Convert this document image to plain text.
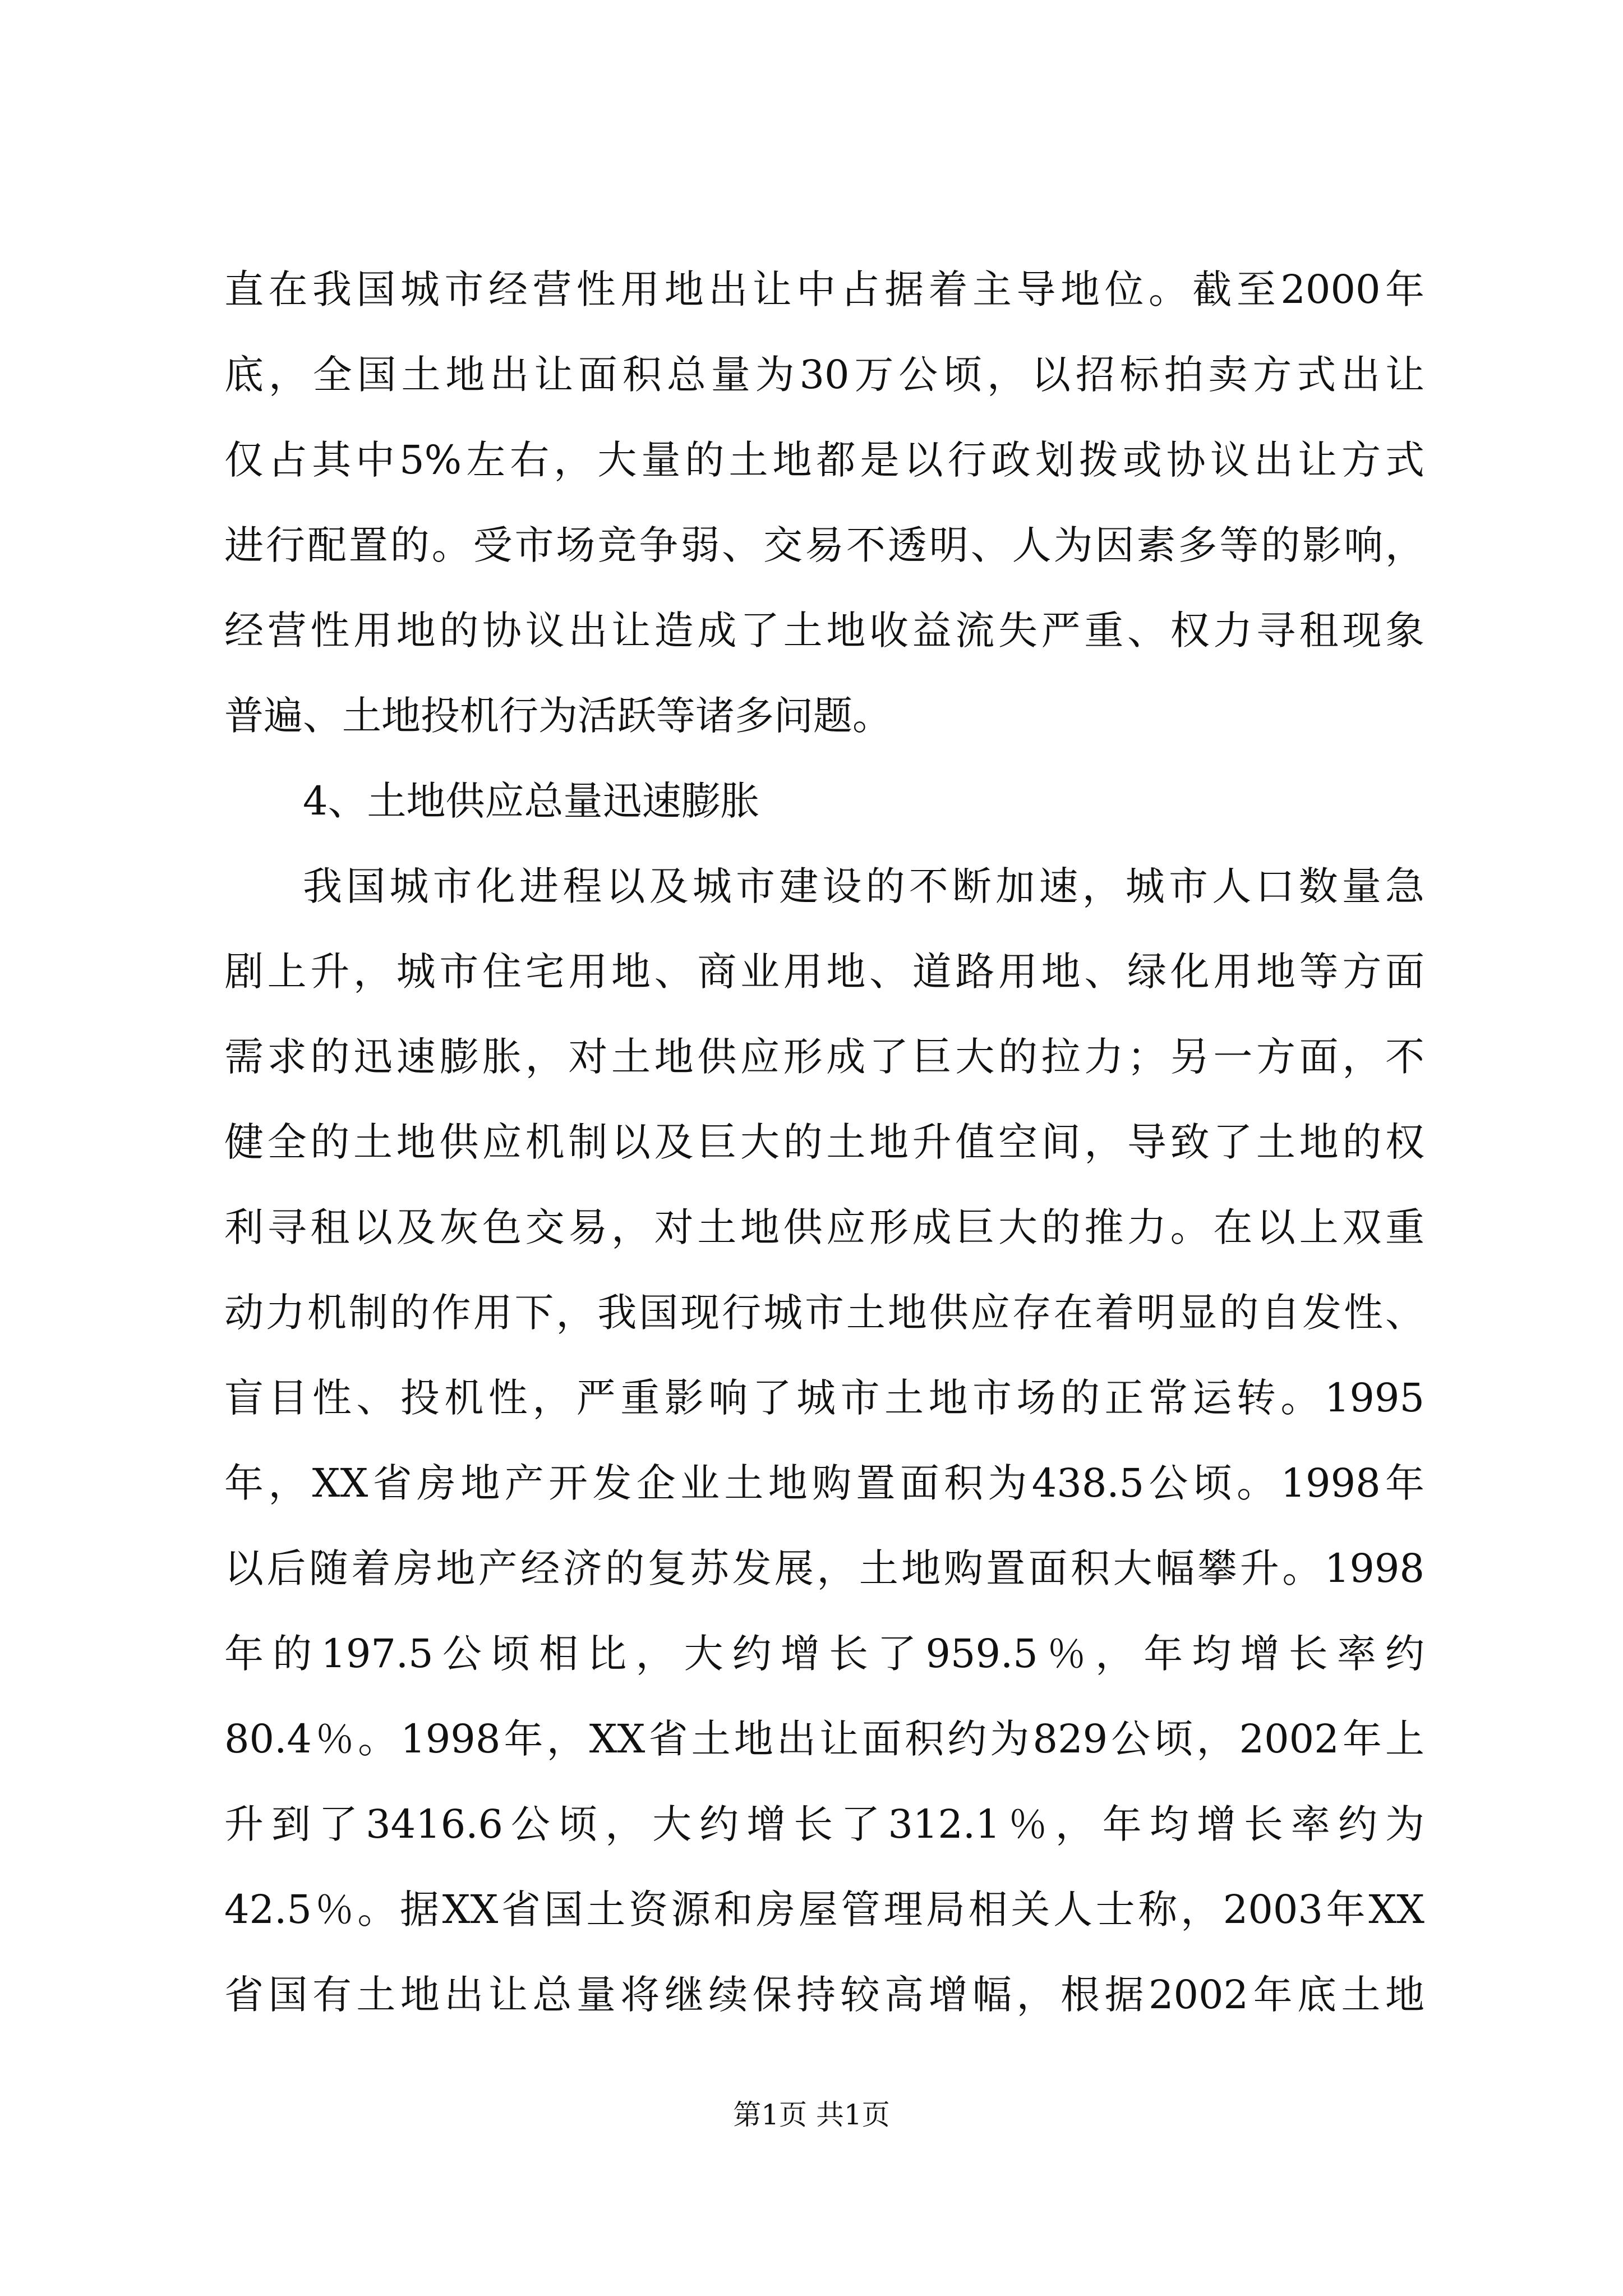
直在我国城市经营性用地出让中占据着主导地位。截至2000年
底，全国土地出让面积总量为30万公顷，以招标拍卖方式出让
仅占其中5%左右，大量的土地都是以行政划拨或协议出让方式
进行配置的。受市场竞争弱、交易不透明、人为因素多等的影响，
经营性用地的协议出让造成了土地收益流失严重、权力寻租现象
普遍、土地投机行为活跃等诸多问题。
4、土地供应总量迅速膨胀
我国城市化进程以及城市建设的不断加速，城市人口数量急
剧上升，城市住宅用地、商业用地、道路用地、绿化用地等方面
需求的迅速膨胀，对土地供应形成了巨大的拉力；另一方面，不
健全的土地供应机制以及巨大的土地升值空间，导致了土地的权
利寻租以及灰色交易，对土地供应形成巨大的推力。在以上双重
动力机制的作用下，我国现行城市土地供应存在着明显的自发性、
盲目性、投机性，严重影响了城市土地市场的正常运转。1995
年，XX省房地产开发企业土地购置面积为438.5公顷。1998年
以后随着房地产经济的复苏发展，土地购置面积大幅攀升。1998
年的197.5公顷相比，大约增长了959.5％，年均增长率约
80.4％。1998年，XX省土地出让面积约为829公顷，2002年上
升到了3416.6公顷，大约增长了312.1％，年均增长率约为
42.5％。据XX省国土资源和房屋管理局相关人士称，2003年XX
省国有土地出让总量将继续保持较高增幅，根据2002年底土地
第1页 共1页
